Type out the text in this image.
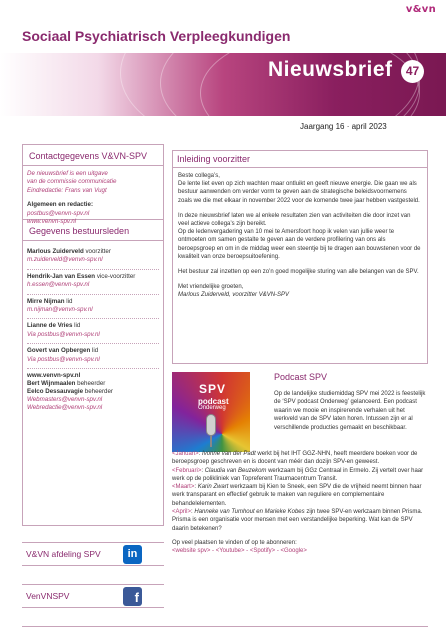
v&vn
Sociaal Psychiatrisch Verpleegkundigen
Nieuwsbrief	47
Jaargang 16 · april 2023
Contactgegevens V&VN-SPV

De nieuwsbrief is een uitgave

van de commissie communicatie

Eindredactie: Frans van Vugt

Algemeen en redactie:

postbus@venvn-spv.nl

www.venvn-spv.nl

Gegevens bestuursleden

Marlous Zuiderveld voorzitter

m.zuiderveld@venvn-spv.nl

Hendrik-Jan van Essen vice-voorzitter

h.essen@venvn-spv.nl

Mirre Nijman lid

m.nijman@venvn-spv.nl

Lianne de Vries lid

Via postbus@venvn-spv.nl

Govert van Opbergen lid

Via postbus@venvn-spv.nl

www.venvn-spv.nl

Bert Wijnmaalen beheerder

Eelco Dessauvagie beheerder

Webmasters@venvn-spv.nl

Webredactie@venvn-spv.nl

V&VN afdeling SPV	in
VenVNSPV	f
Inleiding voorzitter

Beste collega’s,
De lente liet even op zich wachten maar ontluikt en geeft nieuwe energie. Die gaan we als bestuur aanwenden om verder vorm te geven aan de strategische beleidsvoornemens zoals we die met elkaar in november 2022 voor de komende twee jaar hebben vastgesteld.

In deze nieuwsbrief laten we al enkele resultaten zien van activiteiten die door inzet van veel actieve collega’s zijn bereikt.
Op de ledenvergadering van 10 mei te Amersfoort hoop ik velen van jullie weer te ontmoeten om samen gestalte te geven aan de verdere profilering van ons als beroepsgroep en om in de middag weer een steentje bij te dragen aan bouwstenen voor de kwaliteit van onze beroepsuitoefening.

Het bestuur zal inzetten op een zo’n goed mogelijke sturing van alle belangen van de SPV.

Met vriendelijke groeten,

Marlous Zuiderveld, voorzitter V&VN-SPV

SPV
podcast
Onderweg
Podcast SPV
Op de landelijke studiemiddag SPV mei 2022 is feestelijk de ‘SPV podcast Onderweg’ gelanceerd. Een podcast waarin we mooie en inspirerende verhalen uit het werkveld van de SPV laten horen. Intussen zijn er al verschillende producties gemaakt en beschikbaar.

<Januari>: Ivonne van der Padt werkt bij het IHT GGZ-NHN, heeft meerdere boeken voor de beroepsgroep geschreven en is docent van méér dan dozijn SPV-en geweest.

<Februari>: Claudia van Beuzekom werkzaam bij GGz Centraal in Ermelo. Zij vertelt over haar werk op de polikliniek van Topreferent Traumacentrum Transit.

<Maart>: Karin Zwart werkzaam bij Kien te Sneek, een SPV die de vrijheid neemt binnen haar werk transparant en effectief gebruik te maken van reguliere en complementaire behandelelementen.

<April>: Hanneke van Tumhout en Marieke Kobes zijn twee SPV-en werkzaam binnen Prisma. Prisma is een organisatie voor mensen met een verstandelijke beperking. Wat kan de SPV daarin betekenen?

Op veel plaatsen te vinden of op te abonneren:

<website spv> - <Youtube> - <Spotify> - <Google>
